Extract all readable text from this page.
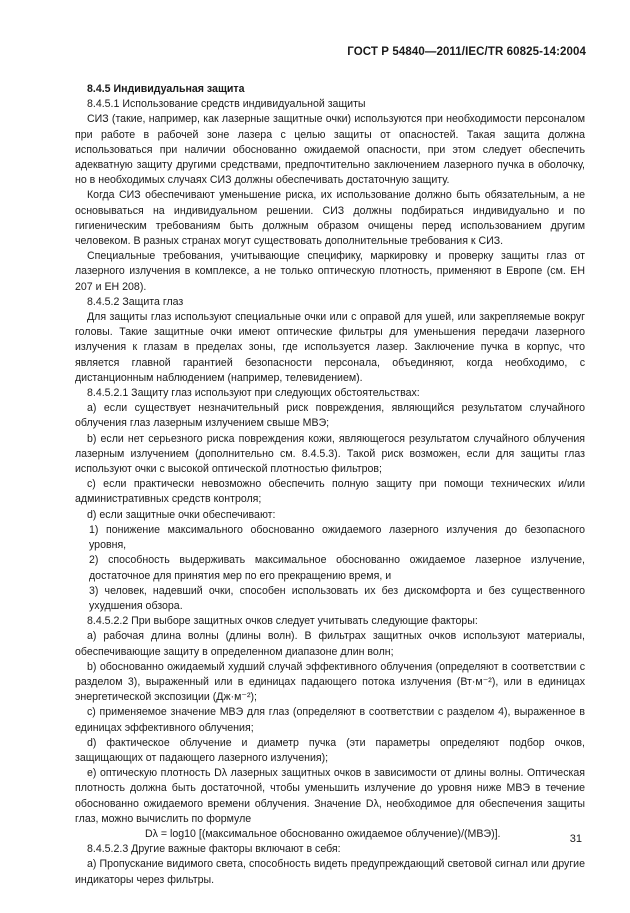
ГОСТ Р 54840—2011/IEC/TR 60825-14:2004

8.4.5 Индивидуальная защита

8.4.5.1 Использование средств индивидуальной защиты

СИЗ (такие, например, как лазерные защитные очки) используются при необходимости персоналом при работе в рабочей зоне лазера с целью защиты от опасностей. Такая защита должна использоваться при наличии обоснованно ожидаемой опасности, при этом следует обеспечить адекватную защиту другими средствами, предпочтительно заключением лазерного пучка в оболочку, но в необходимых случаях СИЗ должны обеспечивать достаточную защиту.

Когда СИЗ обеспечивают уменьшение риска, их использование должно быть обязательным, а не основываться на индивидуальном решении. СИЗ должны подбираться индивидуально и по гигиеническим требованиям быть должным образом очищены перед использованием другим человеком. В разных странах могут существовать дополнительные требования к СИЗ.

Специальные требования, учитывающие специфику, маркировку и проверку защиты глаз от лазерного излучения в комплексе, а не только оптическую плотность, применяют в Европе (см. ЕН 207 и ЕН 208).

8.4.5.2 Защита глаз

Для защиты глаз используют специальные очки или с оправой для ушей, или закрепляемые вокруг головы. Такие защитные очки имеют оптические фильтры для уменьшения передачи лазерного излучения к глазам в пределах зоны, где используется лазер. Заключение пучка в корпус, что является главной гарантией безопасности персонала, объединяют, когда необходимо, с дистанционным наблюдением (например, телевидением).

8.4.5.2.1 Защиту глаз используют при следующих обстоятельствах:

a) если существует незначительный риск повреждения, являющийся результатом случайного облучения глаз лазерным излучением свыше МВЭ;

b) если нет серьезного риска повреждения кожи, являющегося результатом случайного облучения лазерным излучением (дополнительно см. 8.4.5.3). Такой риск возможен, если для защиты глаз используют очки с высокой оптической плотностью фильтров;

c) если практически невозможно обеспечить полную защиту при помощи технических и/или административных средств контроля;

d) если защитные очки обеспечивают:

1) понижение максимального обоснованно ожидаемого лазерного излучения до безопасного уровня,

2) способность выдерживать максимальное обоснованно ожидаемое лазерное излучение, достаточное для принятия мер по его прекращению время, и

3) человек, надевший очки, способен использовать их без дискомфорта и без существенного ухудшения обзора.

8.4.5.2.2 При выборе защитных очков следует учитывать следующие факторы:

a) рабочая длина волны (длины волн). В фильтрах защитных очков используют материалы, обеспечивающие защиту в определенном диапазоне длин волн;

b) обоснованно ожидаемый худший случай эффективного облучения (определяют в соответствии с разделом 3), выраженный или в единицах падающего потока излучения (Вт·м⁻²), или в единицах энергетической экспозиции (Дж·м⁻²);

c) применяемое значение МВЭ для глаз (определяют в соответствии с разделом 4), выраженное в единицах эффективного облучения;

d) фактическое облучение и диаметр пучка (эти параметры определяют подбор очков, защищающих от падающего лазерного излучения);

e) оптическую плотность Dλ лазерных защитных очков в зависимости от длины волны. Оптическая плотность должна быть достаточной, чтобы уменьшить излучение до уровня ниже МВЭ в течение обоснованно ожидаемого времени облучения. Значение Dλ, необходимое для обеспечения защиты глаз, можно вычислить по формуле

Dλ = log10 [(максимальное обоснованно ожидаемое облучение)/(МВЭ)].

8.4.5.2.3 Другие важные факторы включают в себя:

a) Пропускание видимого света, способность видеть предупреждающий световой сигнал или другие индикаторы через фильтры.

31
